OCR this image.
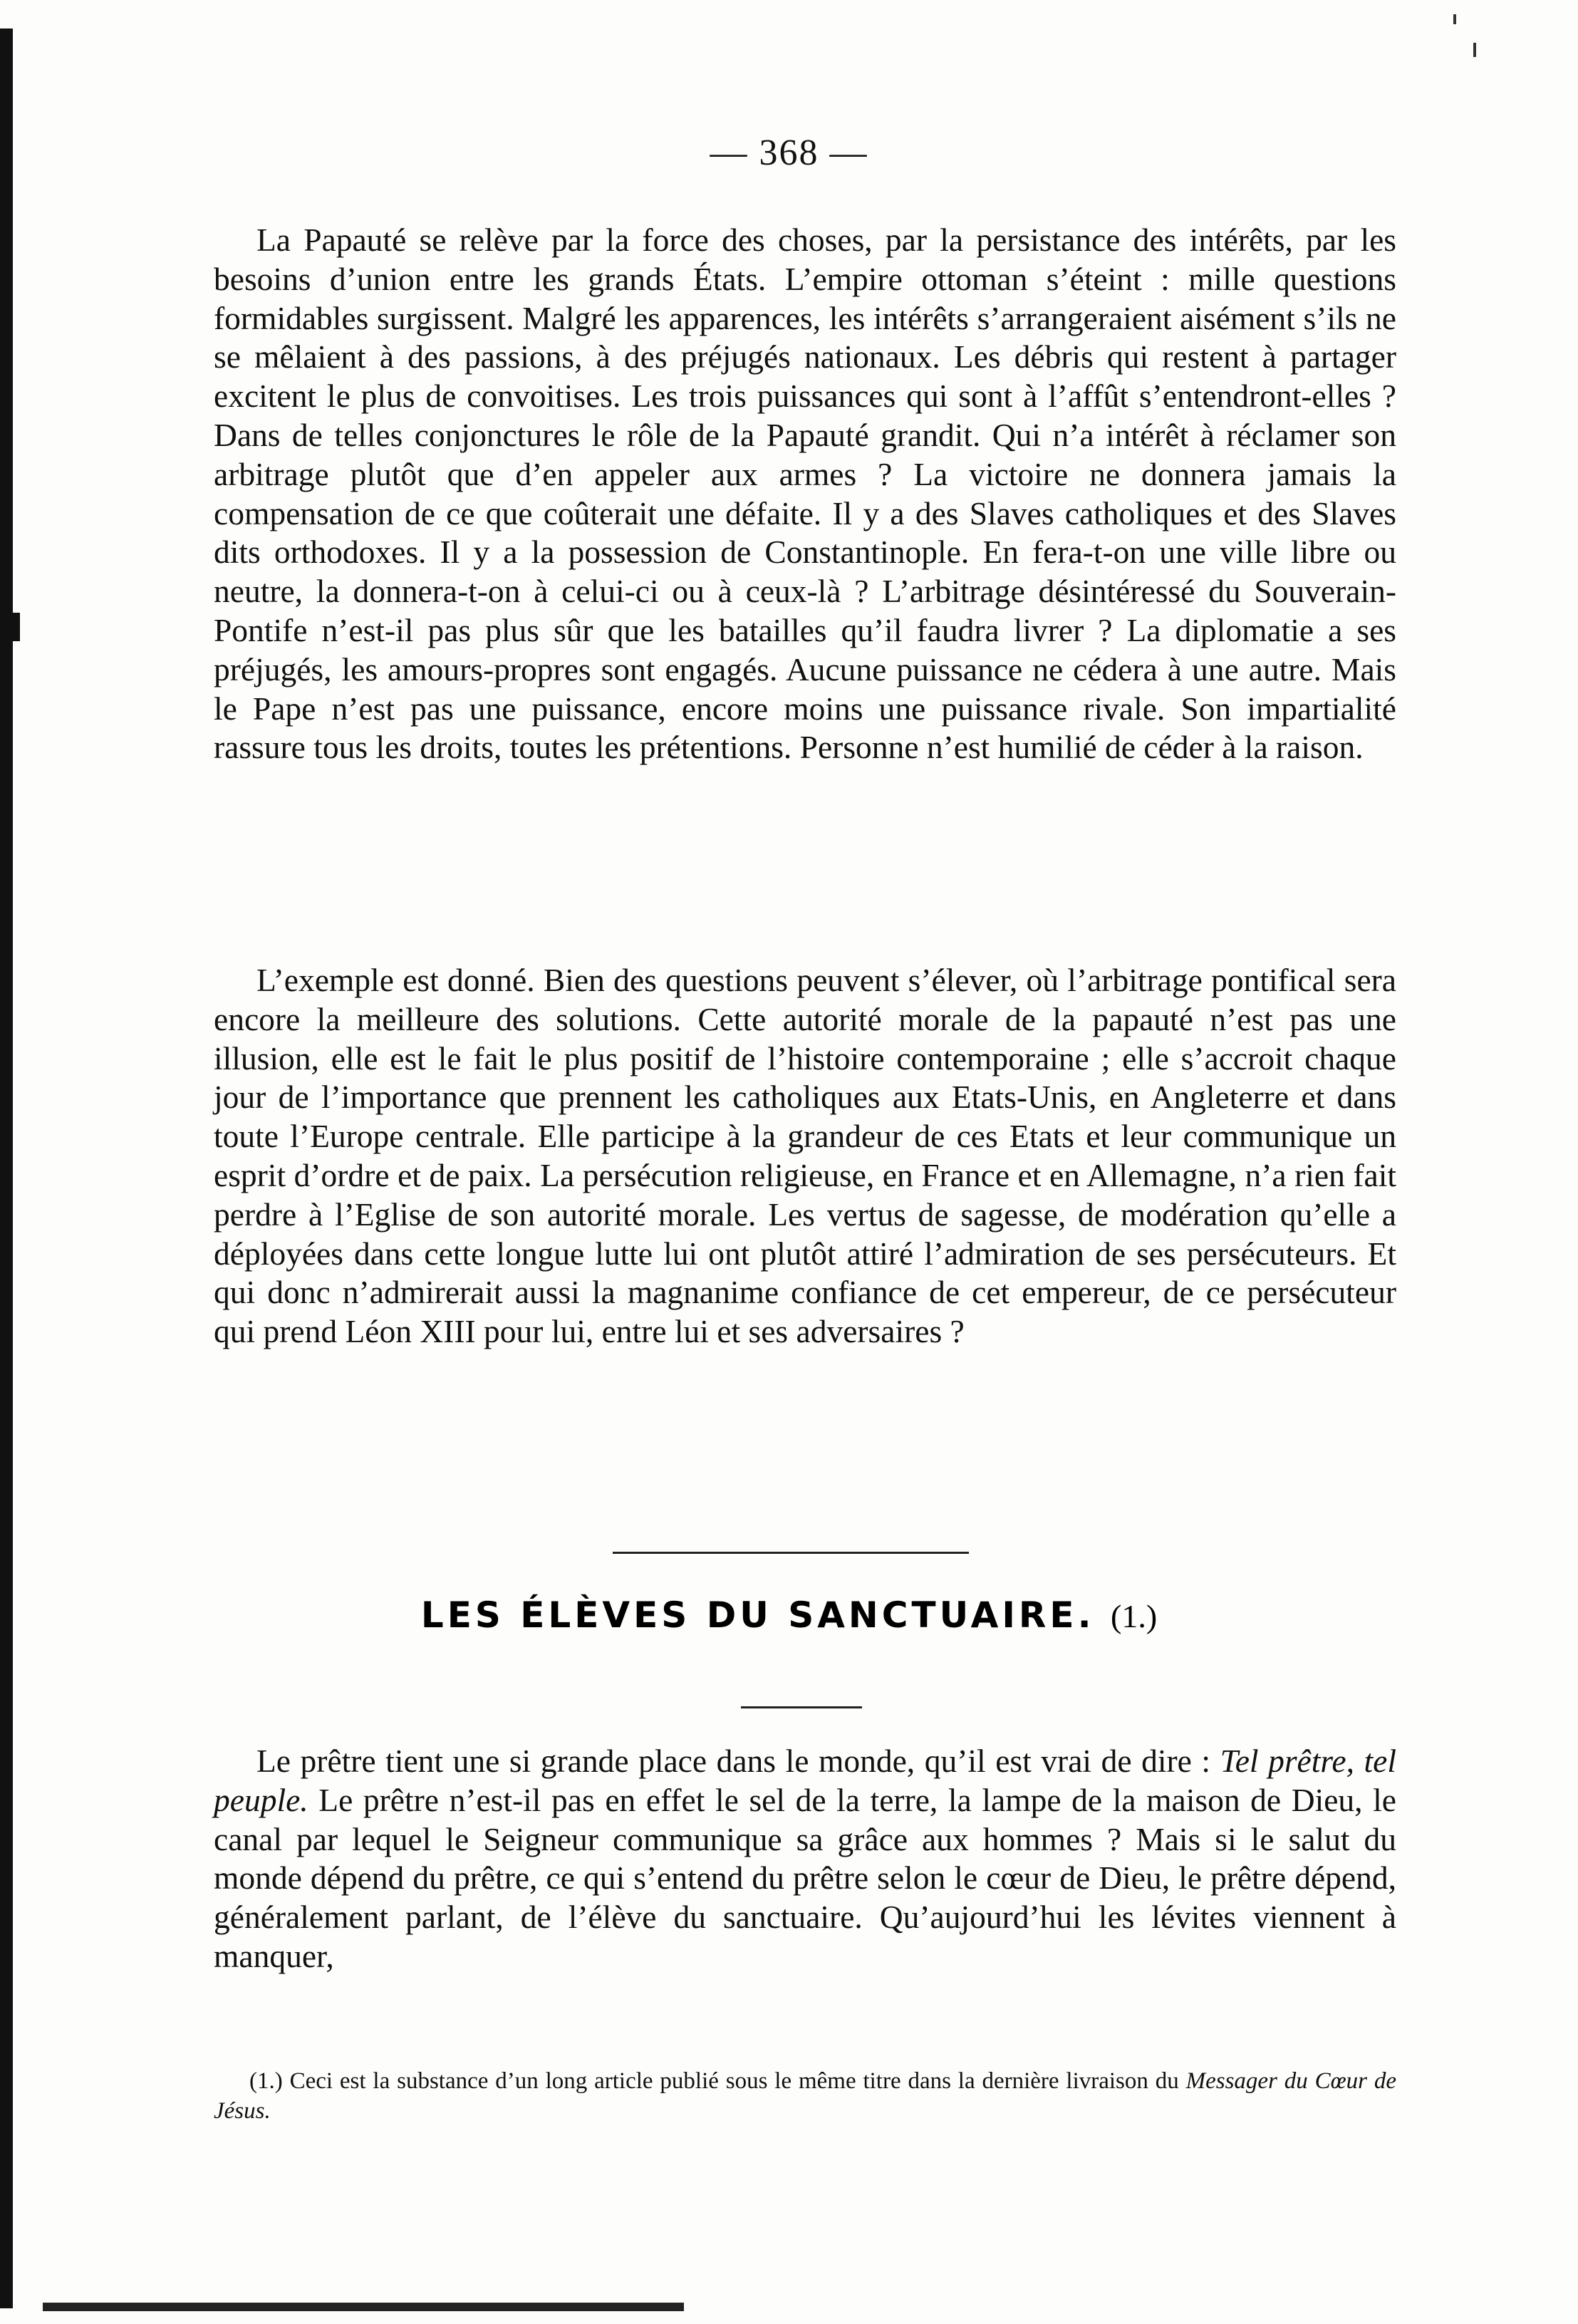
— 368 —

La Papauté se relève par la force des choses, par la persistance des intérêts, par les besoins d’union entre les grands États. L’empire ottoman s’éteint : mille questions formidables surgissent. Malgré les apparences, les intérêts s’arrangeraient aisément s’ils ne se mêlaient à des passions, à des préjugés nationaux. Les débris qui restent à partager excitent le plus de convoitises. Les trois puissances qui sont à l’affût s’entendront-elles ? Dans de telles conjonctures le rôle de la Papauté grandit. Qui n’a intérêt à réclamer son arbitrage plutôt que d’en appeler aux armes ? La victoire ne donnera jamais la compensation de ce que coûterait une défaite. Il y a des Slaves catholiques et des Slaves dits orthodoxes. Il y a la possession de Constantinople. En fera-t-on une ville libre ou neutre, la donnera-t-on à celui-ci ou à ceux-là ? L’arbitrage désintéressé du Souverain-Pontife n’est-il pas plus sûr que les batailles qu’il faudra livrer ? La diplomatie a ses préjugés, les amours-propres sont engagés. Aucune puissance ne cédera à une autre. Mais le Pape n’est pas une puissance, encore moins une puissance rivale. Son impartialité rassure tous les droits, toutes les prétentions. Personne n’est humilié de céder à la raison.

L’exemple est donné. Bien des questions peuvent s’élever, où l’arbitrage pontifical sera encore la meilleure des solutions. Cette autorité morale de la papauté n’est pas une illusion, elle est le fait le plus positif de l’histoire contemporaine ; elle s’accroit chaque jour de l’importance que prennent les catholiques aux Etats-Unis, en Angleterre et dans toute l’Europe centrale. Elle participe à la grandeur de ces Etats et leur communique un esprit d’ordre et de paix. La persécution religieuse, en France et en Allemagne, n’a rien fait perdre à l’Eglise de son autorité morale. Les vertus de sagesse, de modération qu’elle a déployées dans cette longue lutte lui ont plutôt attiré l’admiration de ses persécuteurs. Et qui donc n’admirerait aussi la magnanime confiance de cet empereur, de ce persécuteur qui prend Léon XIII pour lui, entre lui et ses adversaires ?

LES ÉLÈVES DU SANCTUAIRE. (1.)

Le prêtre tient une si grande place dans le monde, qu’il est vrai de dire : Tel prêtre, tel peuple. Le prêtre n’est-il pas en effet le sel de la terre, la lampe de la maison de Dieu, le canal par lequel le Seigneur communique sa grâce aux hommes ? Mais si le salut du monde dépend du prêtre, ce qui s’entend du prêtre selon le cœur de Dieu, le prêtre dépend, généralement parlant, de l’élève du sanctuaire. Qu’aujourd’hui les lévites viennent à manquer,

(1.) Ceci est la substance d’un long article publié sous le même titre dans la dernière livraison du Messager du Cœur de Jésus.
